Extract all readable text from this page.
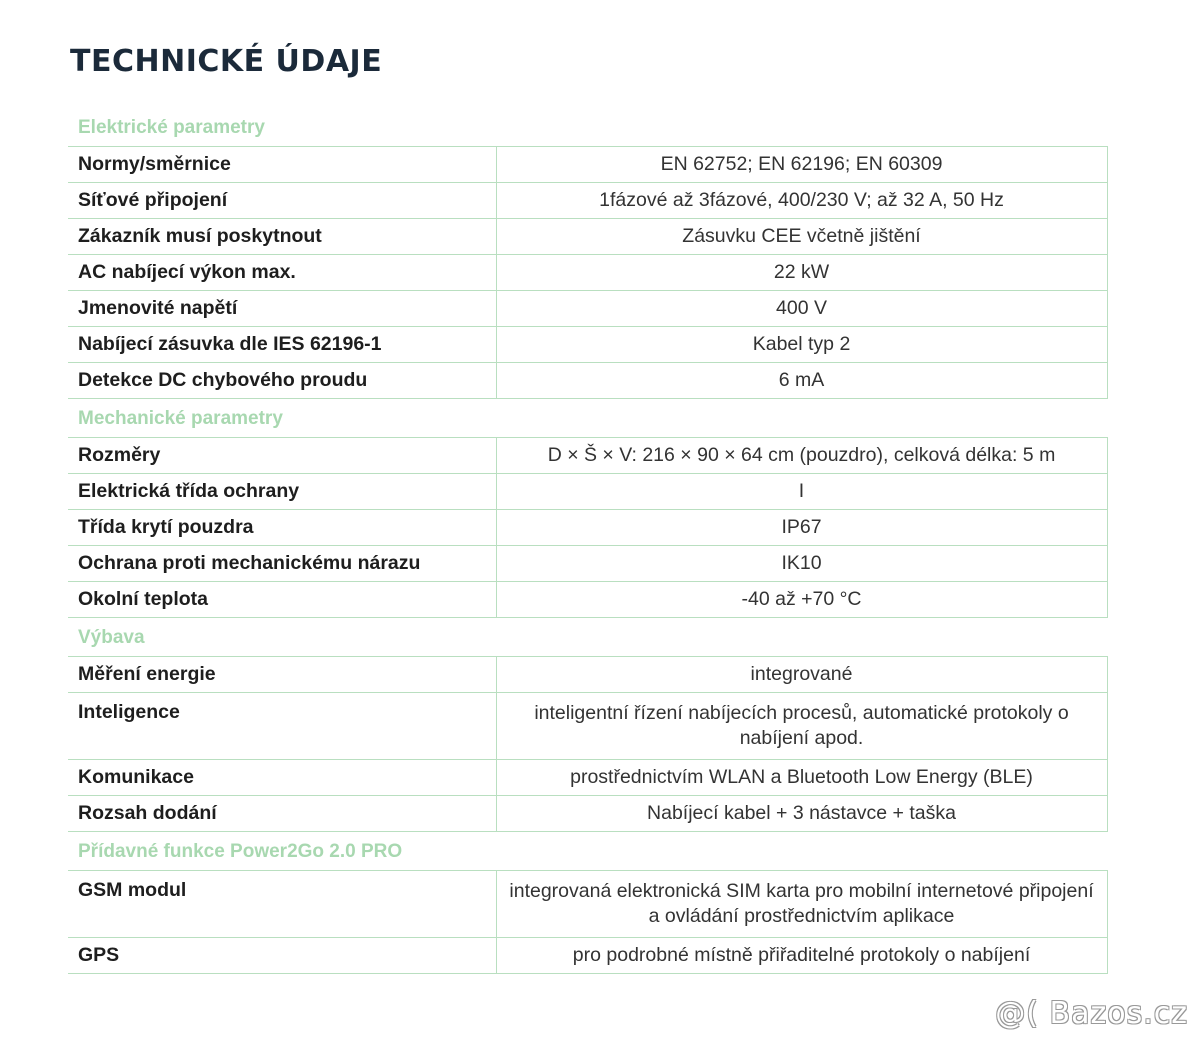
TECHNICKÉ ÚDAJE
Elektrické parametry	
Normy/směrnice	EN 62752; EN 62196; EN 60309
Síťové připojení	1fázové až 3fázové, 400/230 V; až 32 A, 50 Hz
Zákazník musí poskytnout	Zásuvku CEE včetně jištění
AC nabíjecí výkon max.	22 kW
Jmenovité napětí	400 V
Nabíjecí zásuvka dle IES 62196-1	Kabel typ 2
Detekce DC chybového proudu	6 mA
Mechanické parametry	
Rozměry	D × Š × V: 216 × 90 × 64 cm (pouzdro), celková délka: 5 m
Elektrická třída ochrany	I
Třída krytí pouzdra	IP67
Ochrana proti mechanickému nárazu	IK10
Okolní teplota	-40 až +70 °C
Výbava	
Měření energie	integrované
Inteligence	inteligentní řízení nabíjecích procesů, automatické protokoly o nabíjení apod.
Komunikace	prostřednictvím WLAN a Bluetooth Low Energy (BLE)
Rozsah dodání	Nabíjecí kabel + 3 nástavce + taška
Přídavné funkce Power2Go 2.0 PRO	
GSM modul	integrovaná elektronická SIM karta pro mobilní internetové připojení a ovládání prostřednictvím aplikace
GPS	pro podrobné místně přiřaditelné protokoly o nabíjení
@( Bazos.cz
